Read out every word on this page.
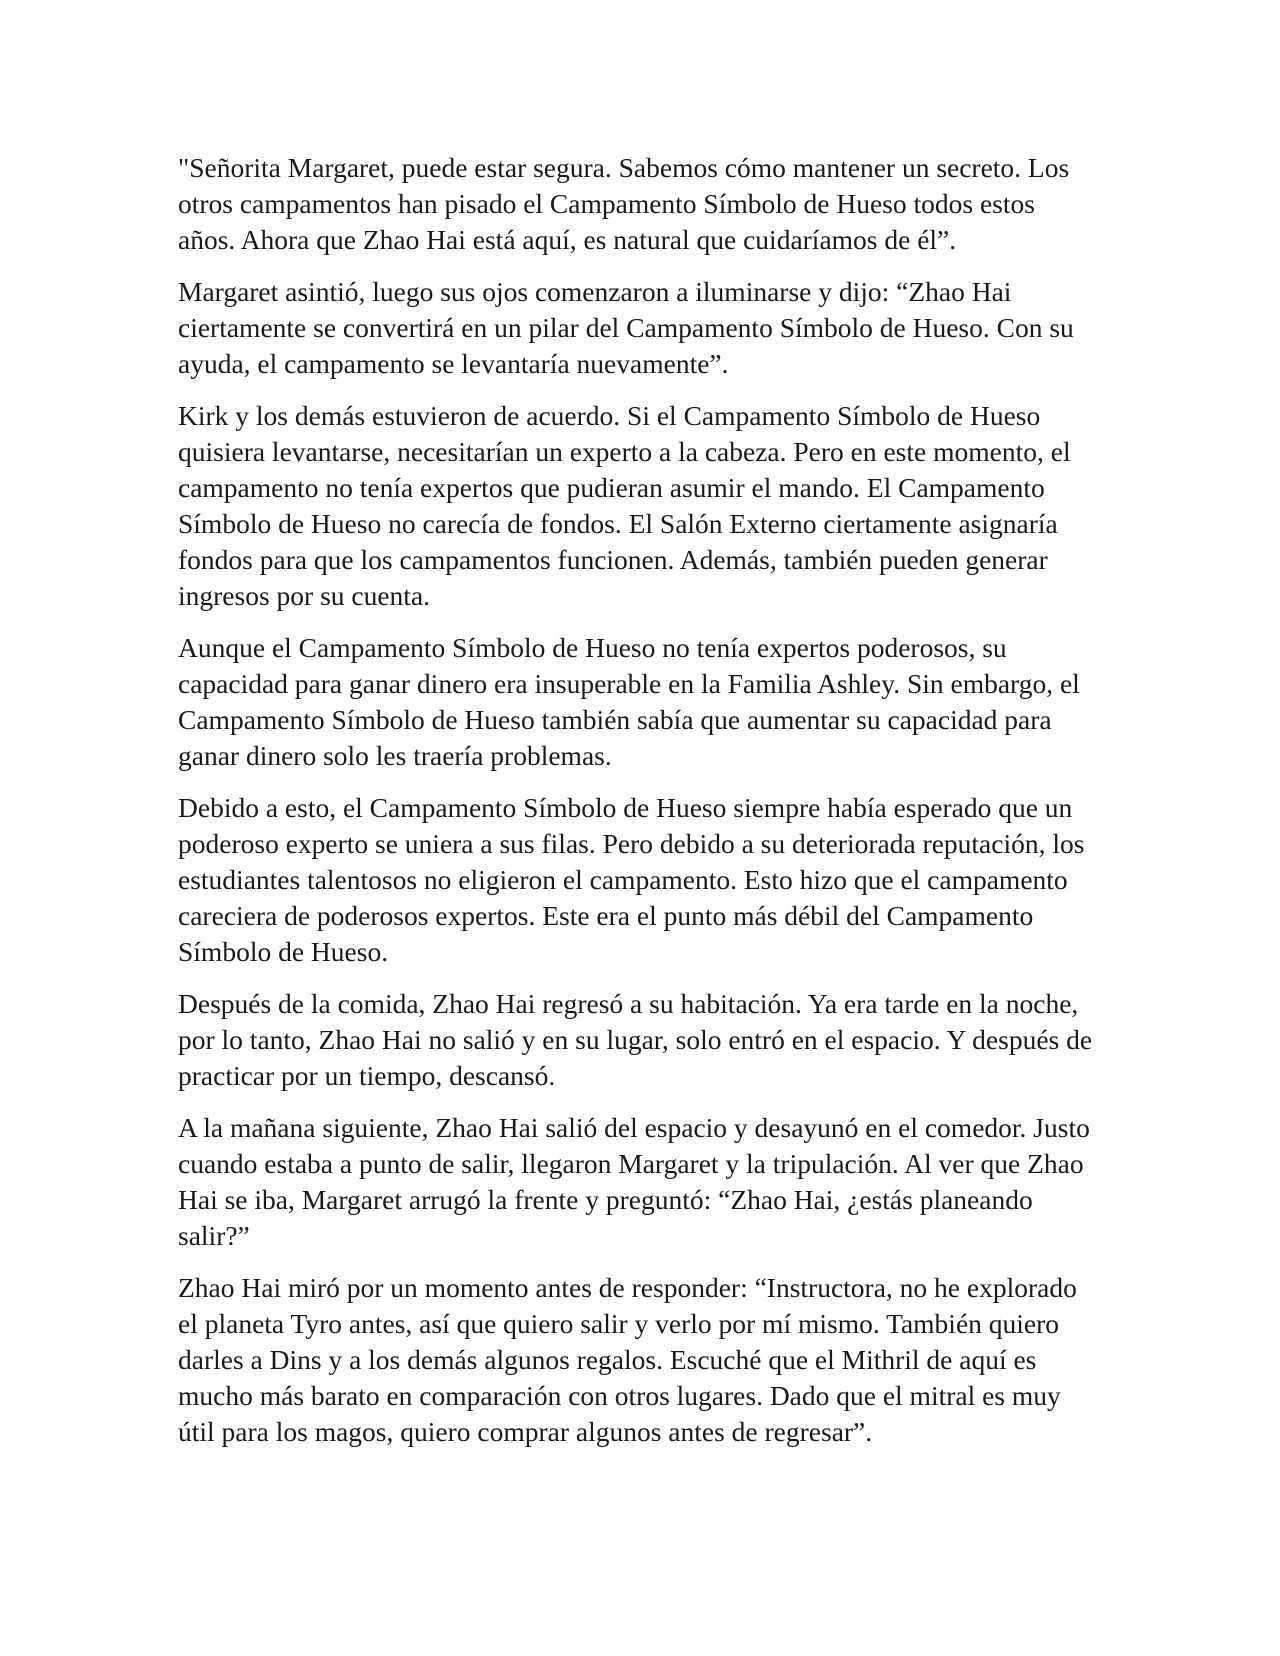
"Señorita Margaret, puede estar segura. Sabemos cómo mantener un secreto. Los otros campamentos han pisado el Campamento Símbolo de Hueso todos estos años. Ahora que Zhao Hai está aquí, es natural que cuidaríamos de él”.

Margaret asintió, luego sus ojos comenzaron a iluminarse y dijo: “Zhao Hai ciertamente se convertirá en un pilar del Campamento Símbolo de Hueso. Con su ayuda, el campamento se levantaría nuevamente”.

Kirk y los demás estuvieron de acuerdo. Si el Campamento Símbolo de Hueso quisiera levantarse, necesitarían un experto a la cabeza. Pero en este momento, el campamento no tenía expertos que pudieran asumir el mando. El Campamento Símbolo de Hueso no carecía de fondos. El Salón Externo ciertamente asignaría fondos para que los campamentos funcionen. Además, también pueden generar ingresos por su cuenta.

Aunque el Campamento Símbolo de Hueso no tenía expertos poderosos, su capacidad para ganar dinero era insuperable en la Familia Ashley. Sin embargo, el Campamento Símbolo de Hueso también sabía que aumentar su capacidad para ganar dinero solo les traería problemas.

Debido a esto, el Campamento Símbolo de Hueso siempre había esperado que un poderoso experto se uniera a sus filas. Pero debido a su deteriorada reputación, los estudiantes talentosos no eligieron el campamento. Esto hizo que el campamento careciera de poderosos expertos. Este era el punto más débil del Campamento Símbolo de Hueso.

Después de la comida, Zhao Hai regresó a su habitación. Ya era tarde en la noche, por lo tanto, Zhao Hai no salió y en su lugar, solo entró en el espacio. Y después de practicar por un tiempo, descansó.

A la mañana siguiente, Zhao Hai salió del espacio y desayunó en el comedor. Justo cuando estaba a punto de salir, llegaron Margaret y la tripulación. Al ver que Zhao Hai se iba, Margaret arrugó la frente y preguntó: “Zhao Hai, ¿estás planeando salir?”

Zhao Hai miró por un momento antes de responder: “Instructora, no he explorado el planeta Tyro antes, así que quiero salir y verlo por mí mismo. También quiero darles a Dins y a los demás algunos regalos. Escuché que el Mithril de aquí es mucho más barato en comparación con otros lugares. Dado que el mitral es muy útil para los magos, quiero comprar algunos antes de regresar”.
